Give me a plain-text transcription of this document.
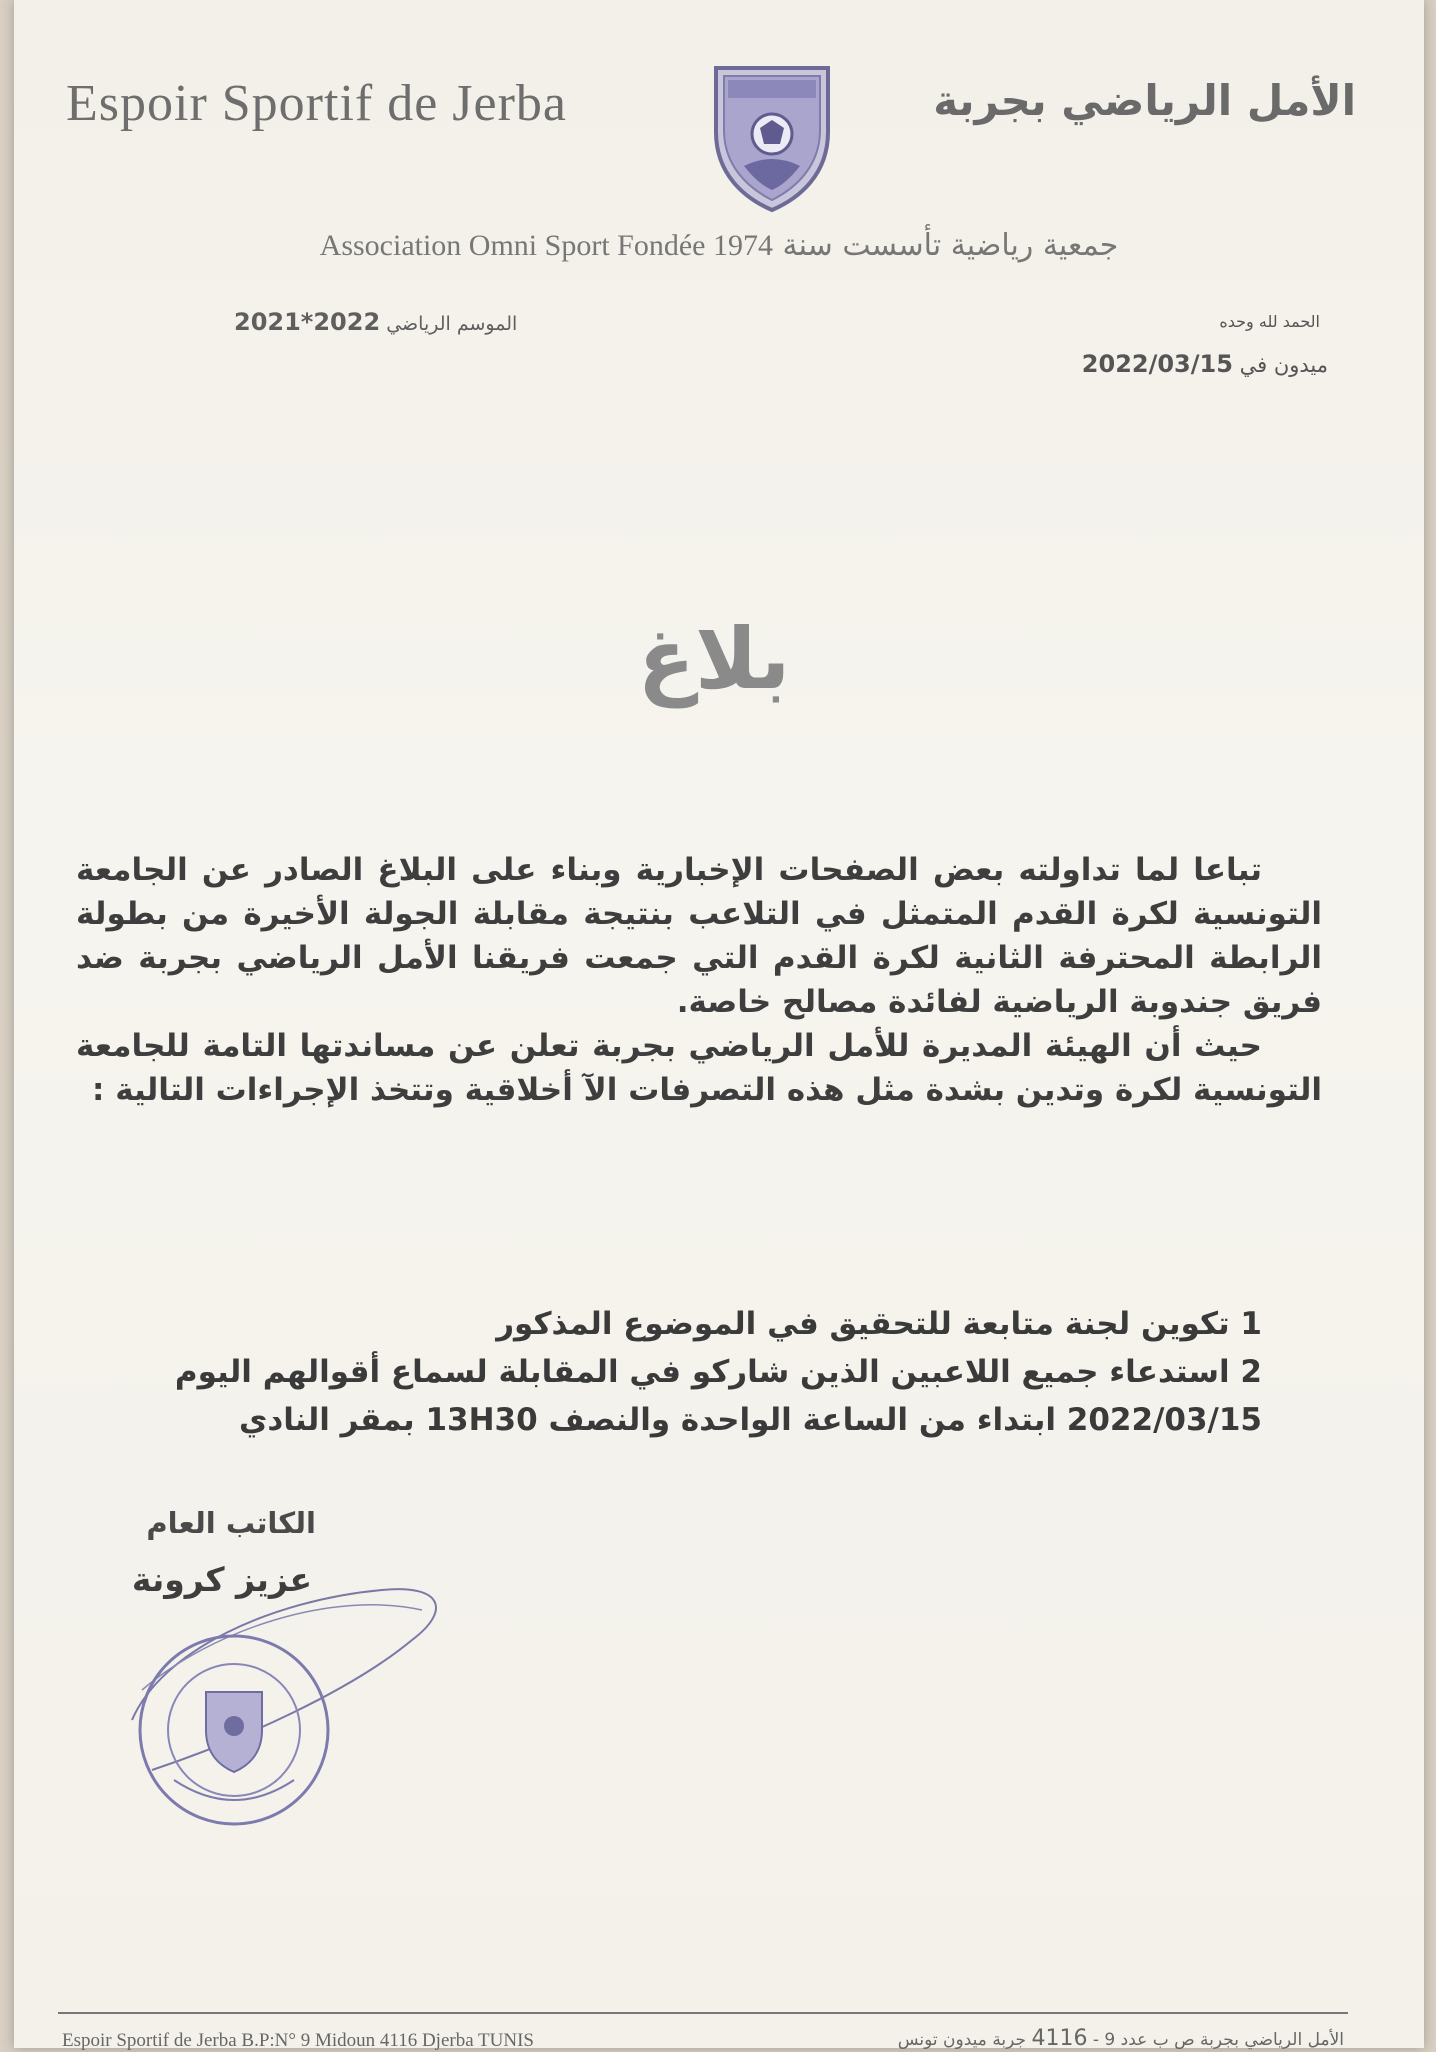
Espoir Sportif de Jerba	الأمل الرياضي بجربة
جمعية رياضية تأسست سنة Association Omni Sport Fondée 1974
الموسم الرياضي 2021*2022	الحمد لله وحده
ميدون في 2022/03/15
بلاغ

تباعا لما تداولته بعض الصفحات الإخبارية وبناء على البلاغ الصادر عن الجامعة التونسية لكرة القدم المتمثل في التلاعب بنتيجة مقابلة الجولة الأخيرة من بطولة الرابطة المحترفة الثانية لكرة القدم التي جمعت فريقنا الأمل الرياضي بجربة ضد فريق جندوبة الرياضية لفائدة مصالح خاصة.

حيث أن الهيئة المديرة للأمل الرياضي بجربة تعلن عن مساندتها التامة للجامعة التونسية لكرة وتدين بشدة مثل هذه التصرفات الآ أخلاقية وتتخذ الإجراءات التالية :

1 تكوين لجنة متابعة للتحقيق في الموضوع المذكور
2 استدعاء جميع اللاعبين الذين شاركو في المقابلة لسماع أقوالهم اليوم
2022/03/15 ابتداء من الساعة الواحدة والنصف 13H30 بمقر النادي
الكاتب العام
عزيز كرونة
Espoir Sportif de Jerba B.P:N° 9 Midoun 4116 Djerba TUNIS	الأمل الرياضي بجربة ص ب عدد 9 - 4116 جربة ميدون تونس
